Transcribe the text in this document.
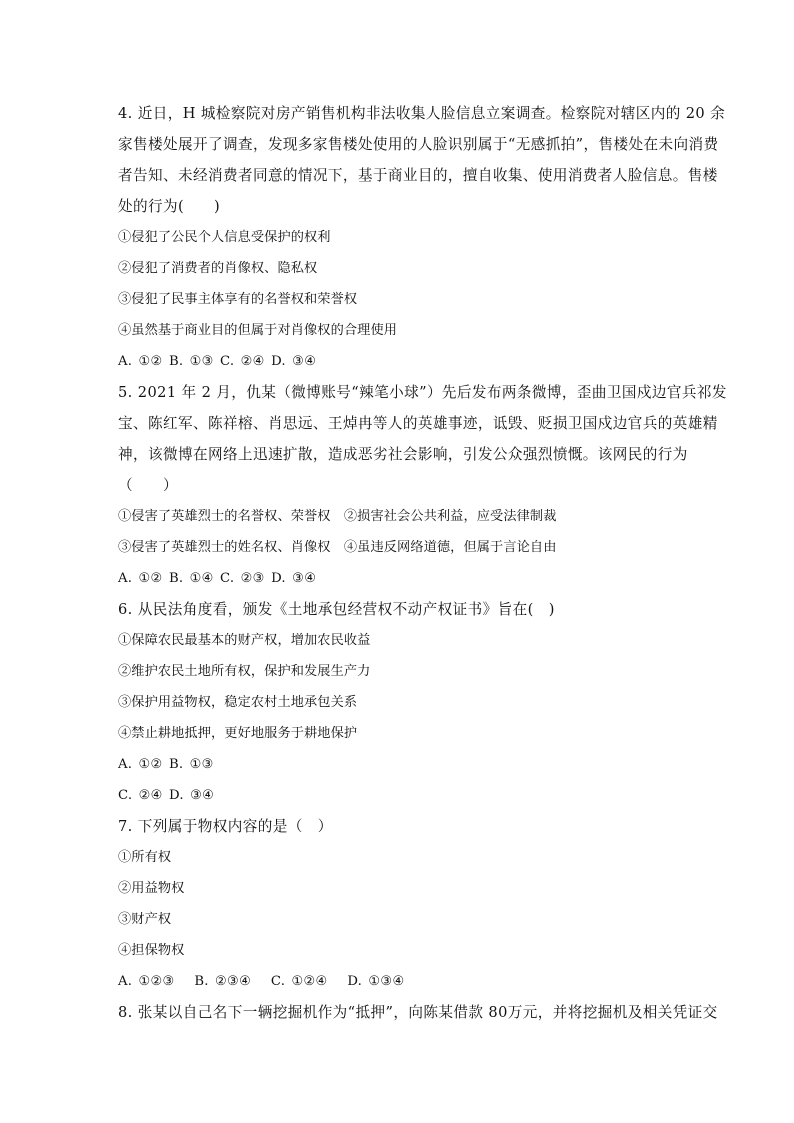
4. 近日，H 城检察院对房产销售机构非法收集人脸信息立案调查。检察院对辖区内的 20 余
家售楼处展开了调查，发现多家售楼处使用的人脸识别属于“无感抓拍”，售楼处在未向消费
者告知、未经消费者同意的情况下，基于商业目的，擅自收集、使用消费者人脸信息。售楼
处的行为(　　)
①侵犯了公民个人信息受保护的权利
②侵犯了消费者的肖像权、隐私权
③侵犯了民事主体享有的名誉权和荣誉权
④虽然基于商业目的但属于对肖像权的合理使用
A. ①② B. ①③ C. ②④ D. ③④
5. 2021 年 2 月，仇某（微博账号“辣笔小球”）先后发布两条微博，歪曲卫国戍边官兵祁发
宝、陈红军、陈祥榕、肖思远、王焯冉等人的英雄事迹，诋毁、贬损卫国戍边官兵的英雄精
神，该微博在网络上迅速扩散，造成恶劣社会影响，引发公众强烈愤慨。该网民的行为
（　　）
①侵害了英雄烈士的名誉权、荣誉权　②损害社会公共利益，应受法律制裁
③侵害了英雄烈士的姓名权、肖像权　④虽违反网络道德，但属于言论自由
A. ①② B. ①④ C. ②③ D. ③④
6. 从民法角度看，颁发《土地承包经营权不动产权证书》旨在(　)
①保障农民最基本的财产权，增加农民收益
②维护农民土地所有权，保护和发展生产力
③保护用益物权，稳定农村土地承包关系
④禁止耕地抵押，更好地服务于耕地保护
A. ①② B. ①③
C. ②④ D. ③④
7. 下列属于物权内容的是（　）
①所有权
②用益物权
③财产权
④担保物权
A. ①②③　 B. ②③④　 C. ①②④　 D. ①③④
8. 张某以自己名下一辆挖掘机作为“抵押”，向陈某借款 80万元，并将挖掘机及相关凭证交
